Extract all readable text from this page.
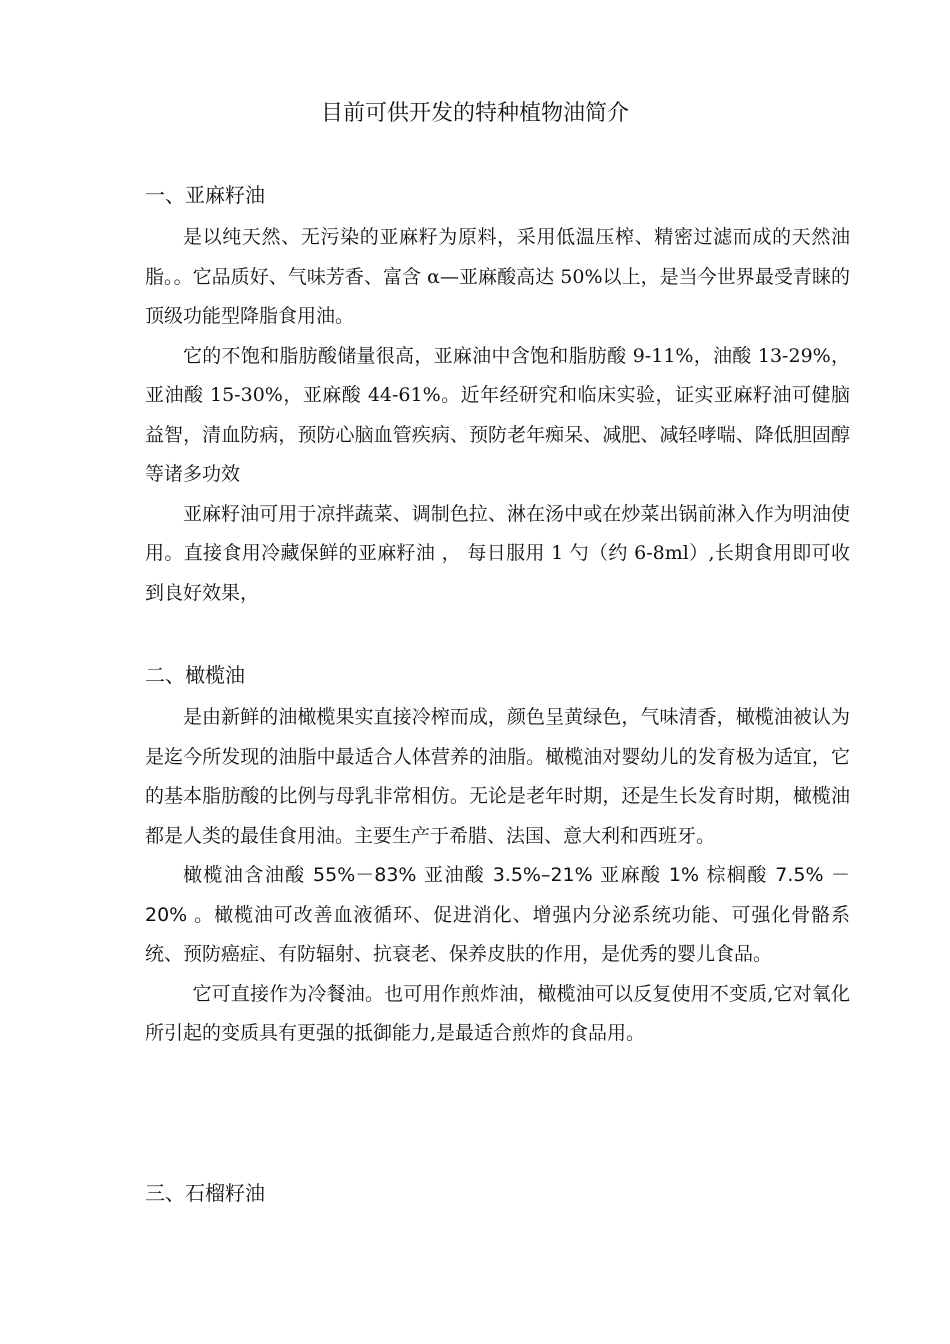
目前可供开发的特种植物油简介
一、亚麻籽油

是以纯天然、无污染的亚麻籽为原料，采用低温压榨、精密过滤而成的天然油脂。。它品质好、气味芳香、富含 α—亚麻酸高达 50%以上，是当今世界最受青睐的顶级功能型降脂食用油。

它的不饱和脂肪酸储量很高，亚麻油中含饱和脂肪酸 9-11%，油酸 13-29%，亚油酸 15-30%，亚麻酸 44-61%。近年经研究和临床实验，证实亚麻籽油可健脑益智，清血防病，预防心脑血管疾病、预防老年痴呆、减肥、减轻哮喘、降低胆固醇等诸多功效

亚麻籽油可用于凉拌蔬菜、调制色拉、淋在汤中或在炒菜出锅前淋入作为明油使用。直接食用冷藏保鲜的亚麻籽油 ， 每日服用 1 勺（约 6-8ml）,长期食用即可收到良好效果，

二、橄榄油

是由新鲜的油橄榄果实直接冷榨而成，颜色呈黄绿色，气味清香，橄榄油被认为是迄今所发现的油脂中最适合人体营养的油脂。橄榄油对婴幼儿的发育极为适宜，它的基本脂肪酸的比例与母乳非常相仿。无论是老年时期，还是生长发育时期，橄榄油都是人类的最佳食用油。主要生产于希腊、法国、意大利和西班牙。

橄榄油含油酸 55%－83% 亚油酸 3.5%–21% 亚麻酸 1% 棕榈酸 7.5% － 20% 。橄榄油可改善血液循环、促进消化、增强内分泌系统功能、可强化骨骼系统、预防癌症、有防辐射、抗衰老、保养皮肤的作用，是优秀的婴儿食品。

它可直接作为冷餐油。也可用作煎炸油，橄榄油可以反复使用不变质,它对氧化所引起的变质具有更强的抵御能力,是最适合煎炸的食品用。

三、石榴籽油
